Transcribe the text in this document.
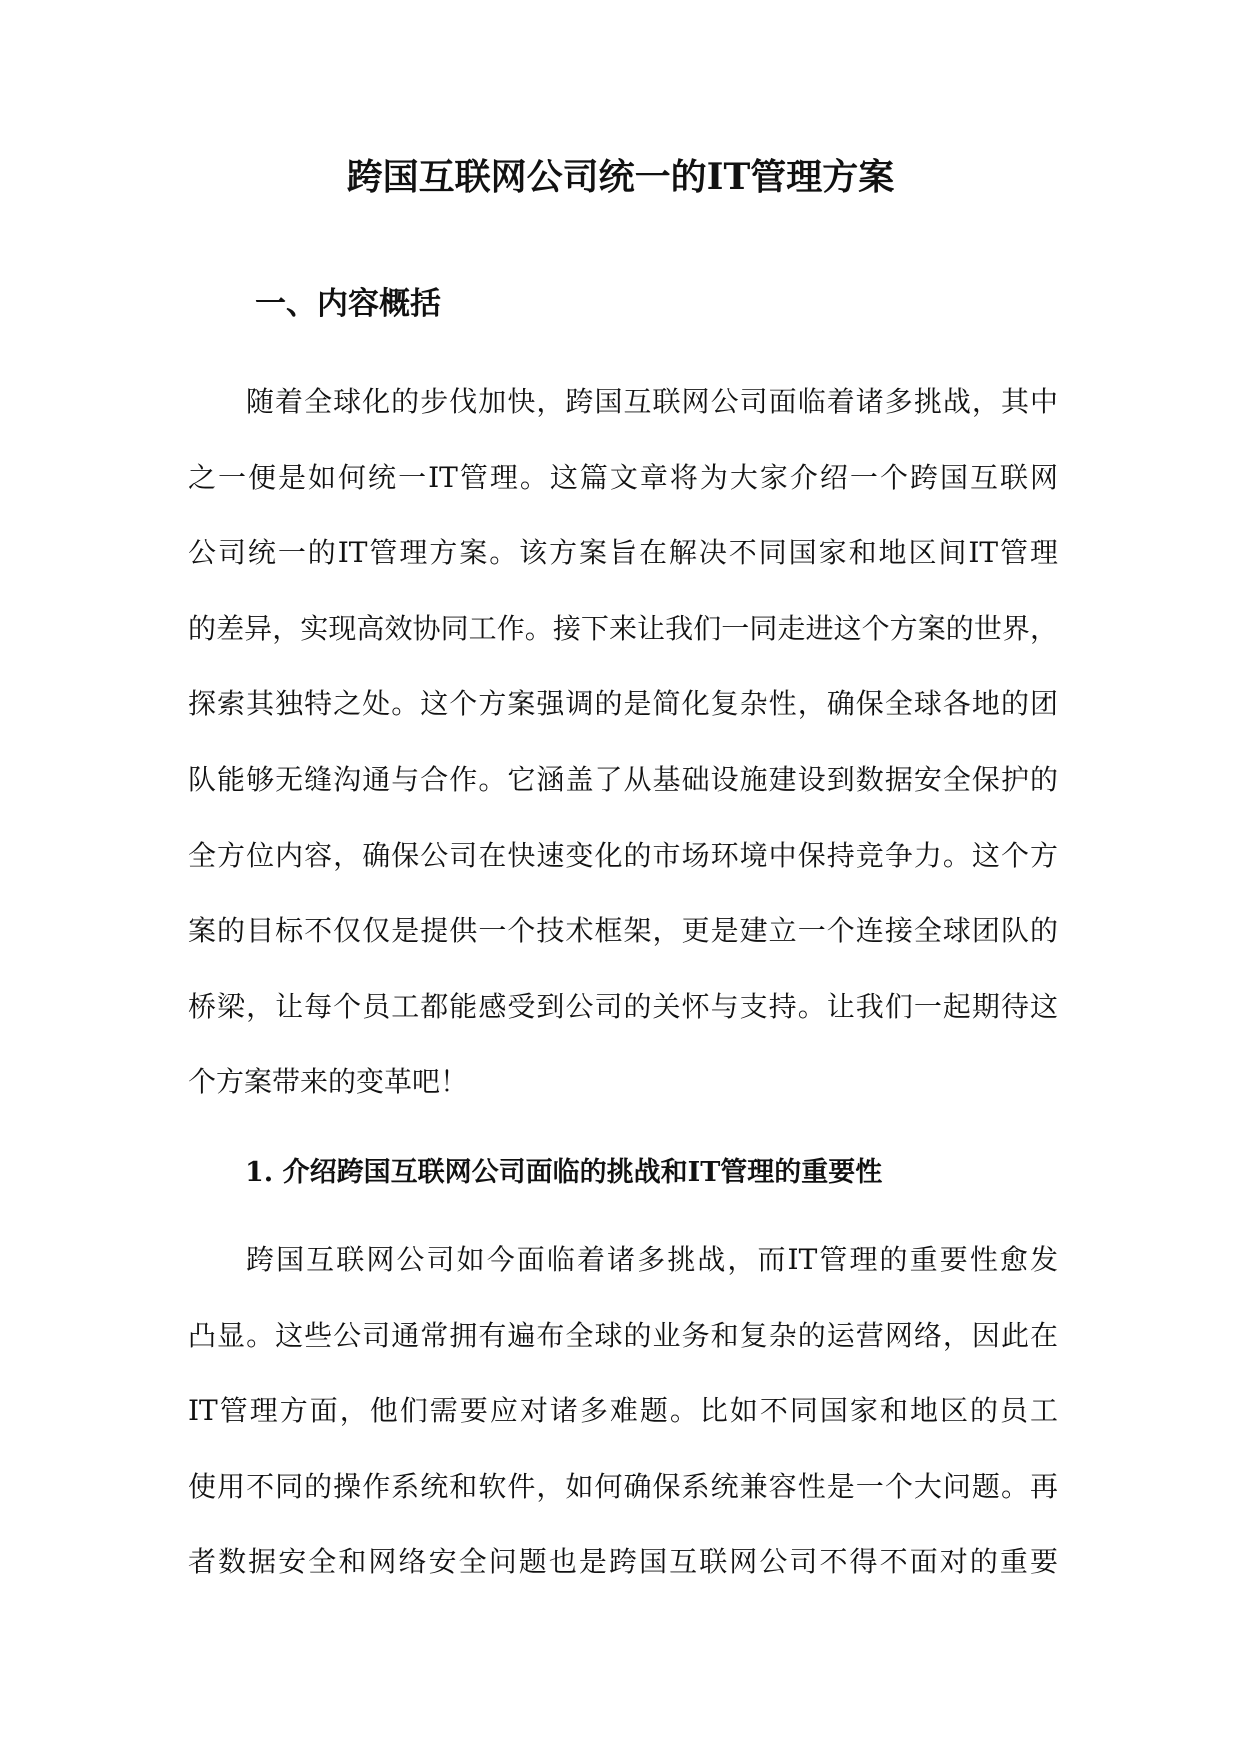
跨国互联网公司统一的IT管理方案
一、内容概括
随着全球化的步伐加快，跨国互联网公司面临着诸多挑战，其中
之一便是如何统一IT管理。这篇文章将为大家介绍一个跨国互联网
公司统一的IT管理方案。该方案旨在解决不同国家和地区间IT管理
的差异，实现高效协同工作。接下来让我们一同走进这个方案的世界，
探索其独特之处。这个方案强调的是简化复杂性，确保全球各地的团
队能够无缝沟通与合作。它涵盖了从基础设施建设到数据安全保护的
全方位内容，确保公司在快速变化的市场环境中保持竞争力。这个方
案的目标不仅仅是提供一个技术框架，更是建立一个连接全球团队的
桥梁，让每个员工都能感受到公司的关怀与支持。让我们一起期待这
个方案带来的变革吧！
1. 介绍跨国互联网公司面临的挑战和IT管理的重要性
跨国互联网公司如今面临着诸多挑战，而IT管理的重要性愈发
凸显。这些公司通常拥有遍布全球的业务和复杂的运营网络，因此在
IT管理方面，他们需要应对诸多难题。比如不同国家和地区的员工
使用不同的操作系统和软件，如何确保系统兼容性是一个大问题。再
者数据安全和网络安全问题也是跨国互联网公司不得不面对的重要
